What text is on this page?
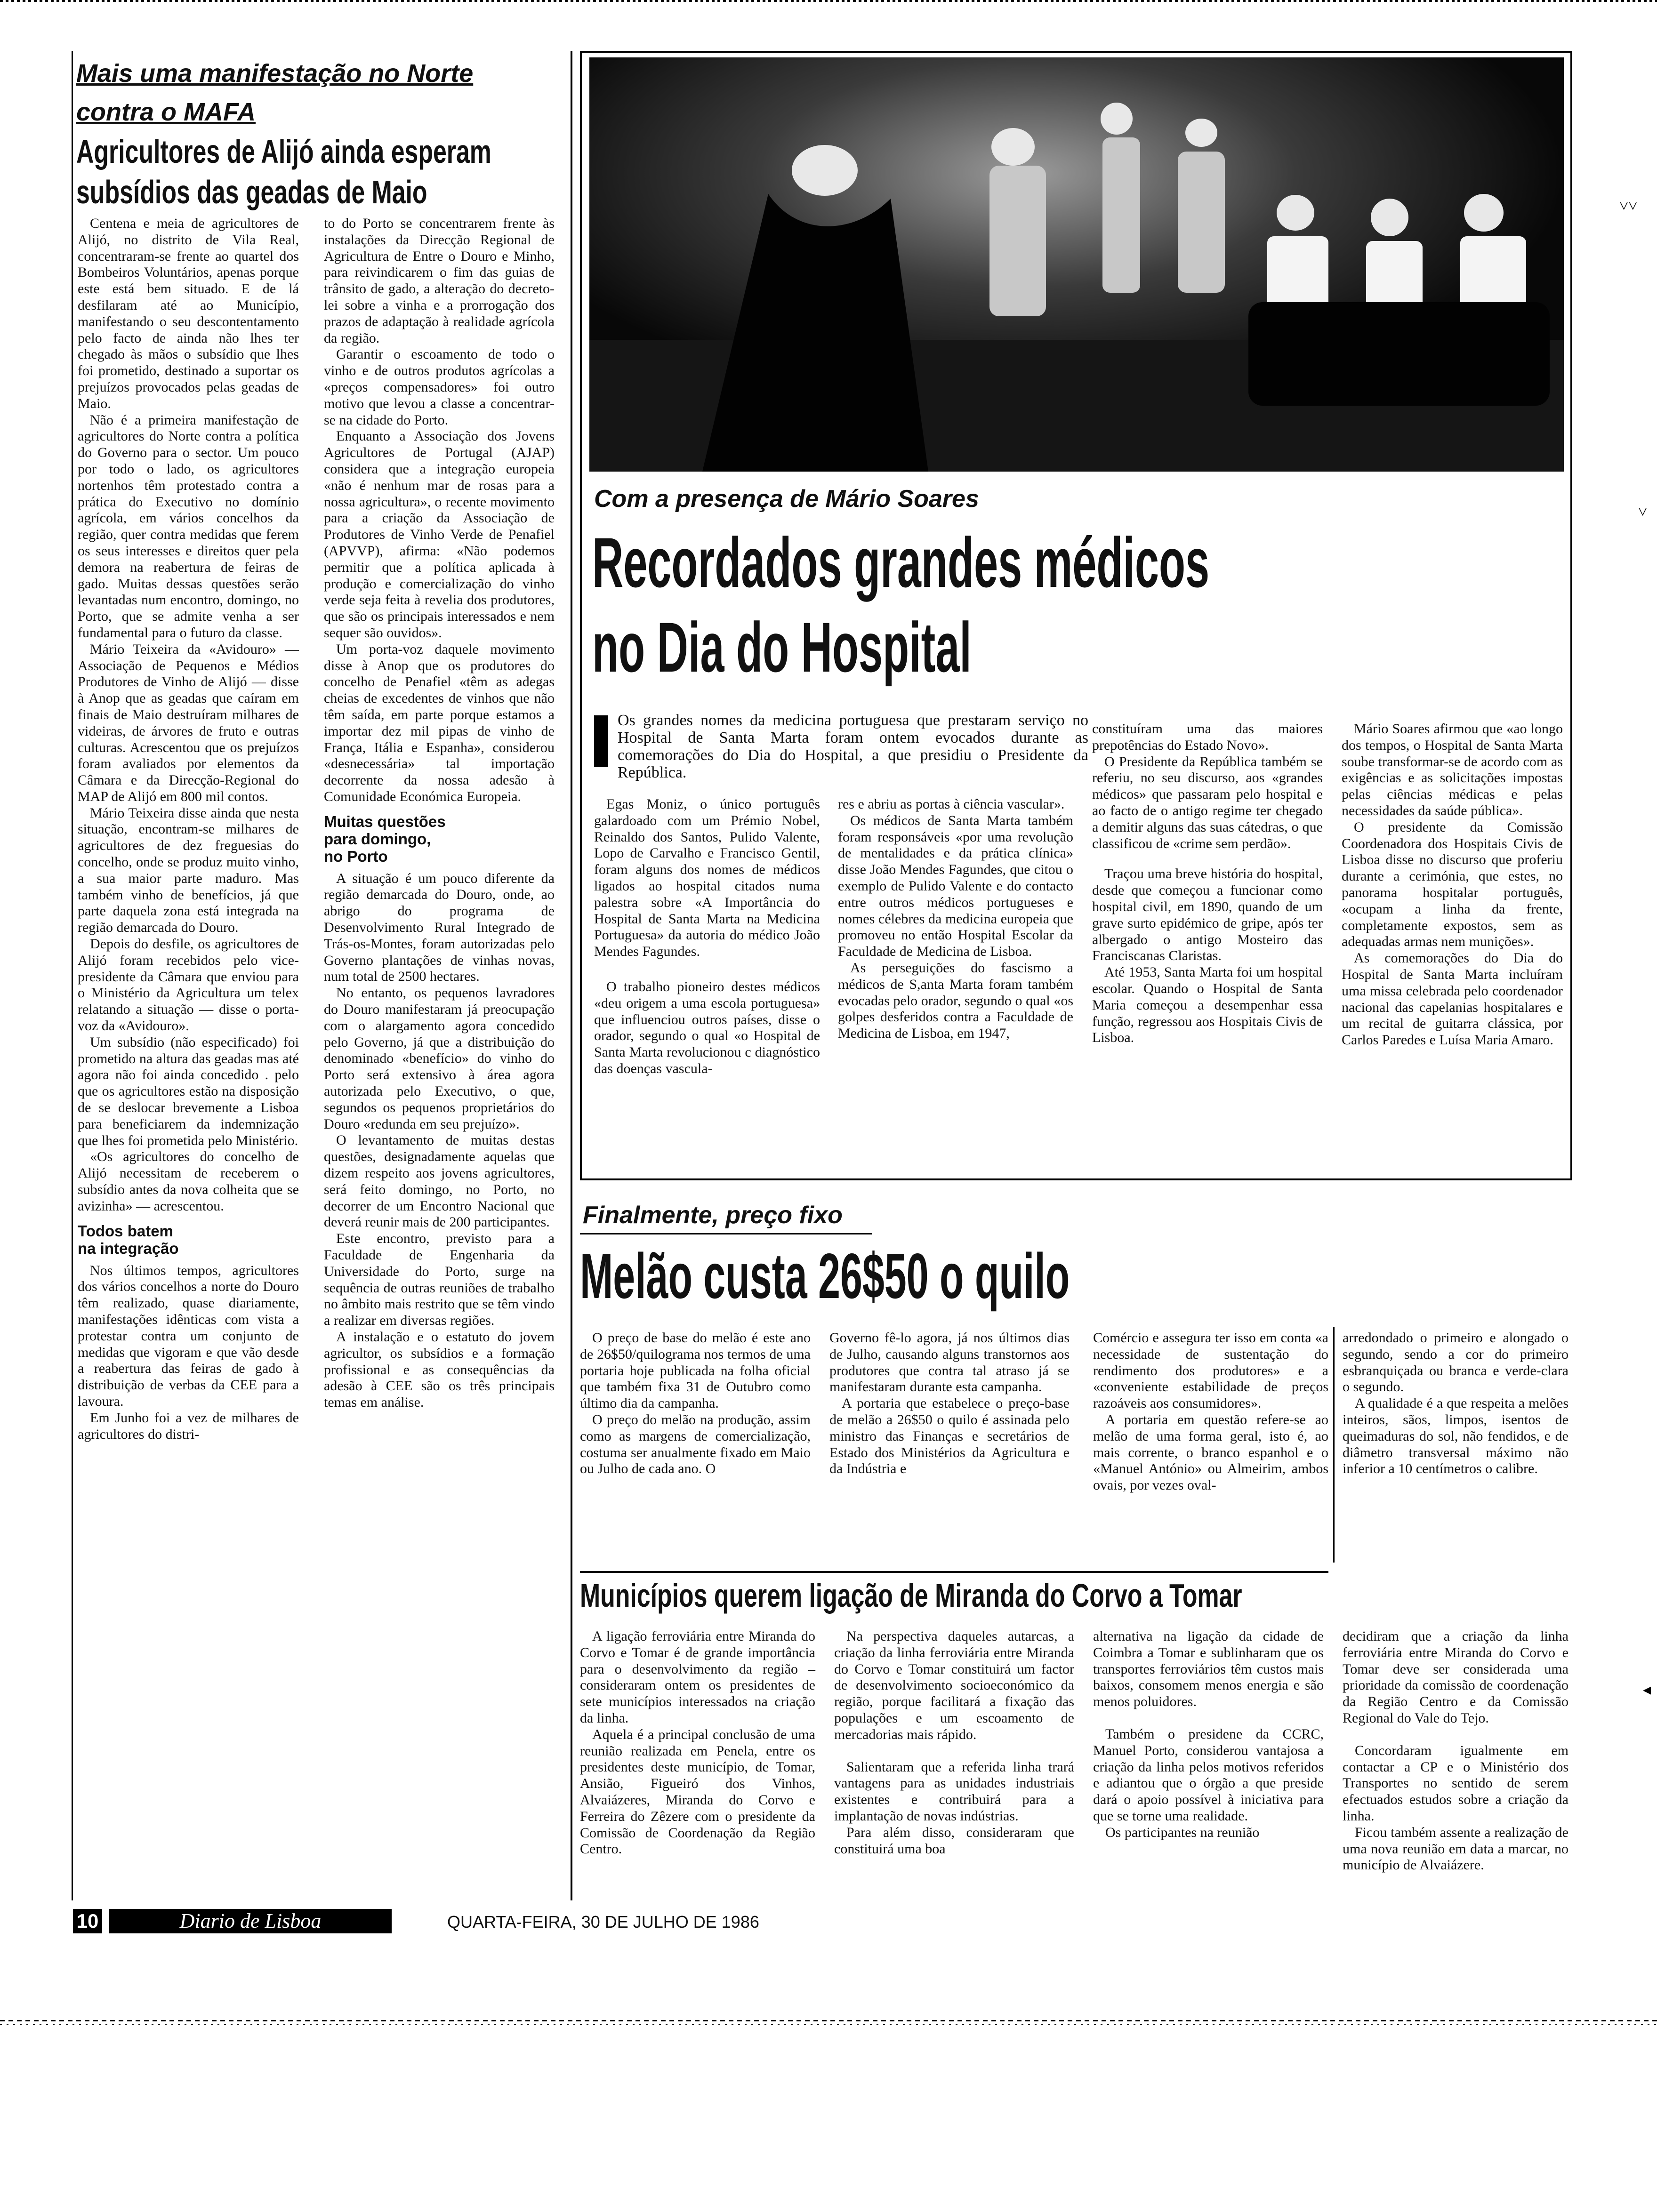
Mais uma manifestação no Norte
contra o MAFA
Agricultores de Alijó ainda esperam
subsídios das geadas de Maio

Centena e meia de agricultores de Alijó, no distrito de Vila Real, concentraram-se frente ao quartel dos Bombeiros Voluntários, apenas porque este está bem situado. E de lá desfilaram até ao Município, manifestando o seu descontentamento pelo facto de ainda não lhes ter chegado às mãos o subsídio que lhes foi prometido, destinado a suportar os prejuízos provocados pelas geadas de Maio.

Não é a primeira manifestação de agricultores do Norte contra a política do Governo para o sector. Um pouco por todo o lado, os agricultores nortenhos têm protestado contra a prática do Executivo no domínio agrícola, em vários concelhos da região, quer contra medidas que ferem os seus interesses e direitos quer pela demora na reabertura de feiras de gado. Muitas dessas questões serão levantadas num encontro, domingo, no Porto, que se admite venha a ser fundamental para o futuro da classe.

Mário Teixeira da «Avidouro» — Associação de Pequenos e Médios Produtores de Vinho de Alijó — disse à Anop que as geadas que caíram em finais de Maio destruíram milhares de videiras, de árvores de fruto e outras culturas. Acrescentou que os prejuízos foram avaliados por elementos da Câmara e da Direcção-Regional do MAP de Alijó em 800 mil contos.

Mário Teixeira disse ainda que nesta situação, encontram-se milhares de agricultores de dez freguesias do concelho, onde se produz muito vinho, a sua maior parte maduro. Mas também vinho de benefícios, já que parte daquela zona está integrada na região demarcada do Douro.

Depois do desfile, os agricultores de Alijó foram recebidos pelo vice-presidente da Câmara que enviou para o Ministério da Agricultura um telex relatando a situação — disse o porta-voz da «Avidouro».

Um subsídio (não especificado) foi prometido na altura das geadas mas até agora não foi ainda concedido . pelo que os agricultores estão na disposição de se deslocar brevemente a Lisboa para beneficiarem da indemnização que lhes foi prometida pelo Ministério.

«Os agricultores do concelho de Alijó necessitam de receberem o subsídio antes da nova colheita que se avizinha» — acrescentou.

Todos batem
na integração

Nos últimos tempos, agricultores dos vários concelhos a norte do Douro têm realizado, quase diariamente, manifestações idênticas com vista a protestar contra um conjunto de medidas que vigoram e que vão desde a reabertura das feiras de gado à distribuição de verbas da CEE para a lavoura.

Em Junho foi a vez de milhares de agricultores do distri-

to do Porto se concentrarem frente às instalações da Direcção Regional de Agricultura de Entre o Douro e Minho, para reivindicarem o fim das guias de trânsito de gado, a alteração do decreto-lei sobre a vinha e a prorrogação dos prazos de adaptação à realidade agrícola da região.

Garantir o escoamento de todo o vinho e de outros produtos agrícolas a «preços compensadores» foi outro motivo que levou a classe a concentrar-se na cidade do Porto.

Enquanto a Associação dos Jovens Agricultores de Portugal (AJAP) considera que a integração europeia «não é nenhum mar de rosas para a nossa agricultura», o recente movimento para a criação da Associação de Produtores de Vinho Verde de Penafiel (APVVP), afirma: «Não podemos permitir que a política aplicada à produção e comercialização do vinho verde seja feita à revelia dos produtores, que são os principais interessados e nem sequer são ouvidos».

Um porta-voz daquele movimento disse à Anop que os produtores do concelho de Penafiel «têm as adegas cheias de excedentes de vinhos que não têm saída, em parte porque estamos a importar dez mil pipas de vinho de França, Itália e Espanha», considerou «desnecessária» tal importação decorrente da nossa adesão à Comunidade Económica Europeia.

Muitas questões
para domingo,
no Porto

A situação é um pouco diferente da região demarcada do Douro, onde, ao abrigo do programa de Desenvolvimento Rural Integrado de Trás-os-Montes, foram autorizadas pelo Governo plantações de vinhas novas, num total de 2500 hectares.

No entanto, os pequenos lavradores do Douro manifestaram já preocupação com o alargamento agora concedido pelo Governo, já que a distribuição do denominado «benefício» do vinho do Porto será extensivo à área agora autorizada pelo Executivo, o que, segundos os pequenos proprietários do Douro «redunda em seu prejuízo».

O levantamento de muitas destas questões, designadamente aquelas que dizem respeito aos jovens agricultores, será feito domingo, no Porto, no decorrer de um Encontro Nacional que deverá reunir mais de 200 participantes.

Este encontro, previsto para a Faculdade de Engenharia da Universidade do Porto, surge na sequência de outras reuniões de trabalho no âmbito mais restrito que se têm vindo a realizar em diversas regiões.

A instalação e o estatuto do jovem agricultor, os subsídios e a formação profissional e as consequências da adesão à CEE são os três principais temas em análise.

Com a presença de Mário Soares
Recordados grandes médicos
no Dia do Hospital
Os grandes nomes da medicina portuguesa que prestaram serviço no Hospital de Santa Marta foram ontem evocados durante as comemorações do Dia do Hospital, a que presidiu o Presidente da República.

Egas Moniz, o único português galardoado com um Prémio Nobel, Reinaldo dos Santos, Pulido Valente, Lopo de Carvalho e Francisco Gentil, foram alguns dos nomes de médicos ligados ao hospital citados numa palestra sobre «A Importância do Hospital de Santa Marta na Medicina Portuguesa» da autoria do médico João Mendes Fagundes.

O trabalho pioneiro destes médicos «deu origem a uma escola portuguesa» que influenciou outros países, disse o orador, segundo o qual «o Hospital de Santa Marta revolucionou c diagnóstico das doenças vascula-

res e abriu as portas à ciência vascular».

Os médicos de Santa Marta também foram responsáveis «por uma revolução de mentalidades e da prática clínica» disse João Mendes Fagundes, que citou o exemplo de Pulido Valente e do contacto entre outros médicos portugueses e nomes célebres da medicina europeia que promoveu no então Hospital Escolar da Faculdade de Medicina de Lisboa.

As perseguições do fascismo a médicos de S,anta Marta foram também evocadas pelo orador, segundo o qual «os golpes desferidos contra a Faculdade de Medicina de Lisboa, em 1947,

constituíram uma das maiores prepotências do Estado Novo».

O Presidente da República também se referiu, no seu discurso, aos «grandes médicos» que passaram pelo hospital e ao facto de o antigo regime ter chegado a demitir alguns das suas cátedras, o que classificou de «crime sem perdão».

Traçou uma breve história do hospital, desde que começou a funcionar como hospital civil, em 1890, quando de um grave surto epidémico de gripe, após ter albergado o antigo Mosteiro das Franciscanas Claristas.

Até 1953, Santa Marta foi um hospital escolar. Quando o Hospital de Santa Maria começou a desempenhar essa função, regressou aos Hospitais Civis de Lisboa.

Mário Soares afirmou que «ao longo dos tempos, o Hospital de Santa Marta soube transformar-se de acordo com as exigências e as solicitações impostas pelas ciências médicas e pelas necessidades da saúde pública».

O presidente da Comissão Coordenadora dos Hospitais Civis de Lisboa disse no discurso que proferiu durante a cerimónia, que estes, no panorama hospitalar português, «ocupam a linha da frente, completamente expostos, sem as adequadas armas nem munições».

As comemorações do Dia do Hospital de Santa Marta incluíram uma missa celebrada pelo coordenador nacional das capelanias hospitalares e um recital de guitarra clássica, por Carlos Paredes e Luísa Maria Amaro.

Finalmente, preço fixo
Melão custa 26$50 o quilo

O preço de base do melão é este ano de 26$50/quilograma nos termos de uma portaria hoje publicada na folha oficial que também fixa 31 de Outubro como último dia da campanha.

O preço do melão na produção, assim como as margens de comercialização, costuma ser anualmente fixado em Maio ou Julho de cada ano. O

Governo fê-lo agora, já nos últimos dias de Julho, causando alguns transtornos aos produtores que contra tal atraso já se manifestaram durante esta campanha.

A portaria que estabelece o preço-base de melão a 26$50 o quilo é assinada pelo ministro das Finanças e secretários de Estado dos Ministérios da Agricultura e da Indústria e

Comércio e assegura ter isso em conta «a necessidade de sustentação do rendimento dos produtores» e a «conveniente estabilidade de preços razoáveis aos consumidores».

A portaria em questão refere-se ao melão de uma forma geral, isto é, ao mais corrente, o branco espanhol e o «Manuel António» ou Almeirim, ambos ovais, por vezes oval-

arredondado o primeiro e alongado o segundo, sendo a cor do primeiro esbranquiçada ou branca e verde-clara o segundo.

A qualidade é a que respeita a melões inteiros, sãos, limpos, isentos de queimaduras do sol, não fendidos, e de diâmetro transversal máximo não inferior a 10 centímetros o calibre.

Municípios querem ligação de Miranda do Corvo a Tomar

A ligação ferroviária entre Miranda do Corvo e Tomar é de grande importância para o desenvolvimento da região – consideraram ontem os presidentes de sete municípios interessados na criação da linha.

Aquela é a principal conclusão de uma reunião realizada em Penela, entre os presidentes deste município, de Tomar, Ansião, Figueiró dos Vinhos, Alvaiázeres, Miranda do Corvo e Ferreira do Zêzere com o presidente da Comissão de Coordenação da Região Centro.

Na perspectiva daqueles autarcas, a criação da linha ferroviária entre Miranda do Corvo e Tomar constituirá um factor de desenvolvimento socioeconómico da região, porque facilitará a fixação das populações e um escoamento de mercadorias mais rápido.

Salientaram que a referida linha trará vantagens para as unidades industriais existentes e contribuirá para a implantação de novas indústrias.

Para além disso, consideraram que constituirá uma boa

alternativa na ligação da cidade de Coimbra a Tomar e sublinharam que os transportes ferroviários têm custos mais baixos, consomem menos energia e são menos poluidores.

Também o presidene da CCRC, Manuel Porto, considerou vantajosa a criação da linha pelos motivos referidos e adiantou que o órgão a que preside dará o apoio possível à iniciativa para que se torne uma realidade.

Os participantes na reunião

decidiram que a criação da linha ferroviária entre Miranda do Corvo e Tomar deve ser considerada uma prioridade da comissão de coordenação da Região Centro e da Comissão Regional do Vale do Tejo.

Concordaram igualmente em contactar a CP e o Ministério dos Transportes no sentido de serem efectuados estudos sobre a criação da linha.

Ficou também assente a realização de uma nova reunião em data a marcar, no município de Alvaiázere.

10	Diario de Lisboa	QUARTA-FEIRA, 30 DE JULHO DE 1986
˅˅
˅
◂
